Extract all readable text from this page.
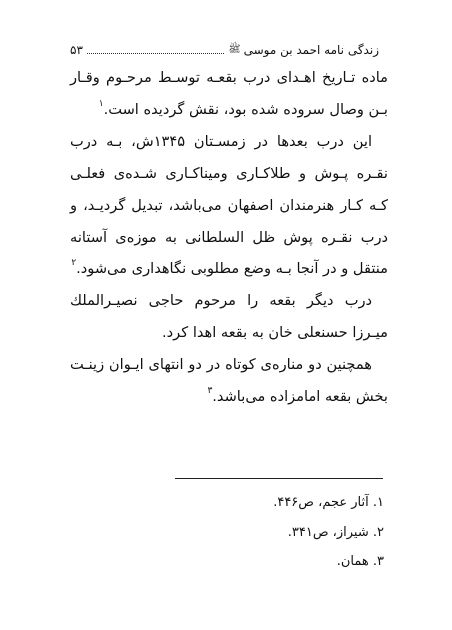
زندگی نامه احمد بن موسی
ﷺ
۵۳

ماده تـاریخ اهـدای درب بقعـه توسـط مرحـوم وقـار بـن وصال سروده شده بود، نقش گردیده است.$^۱$

این درب بعدها در زمسـتان ۱۳۴۵ش، بـه درب نقـره پـوش و طلاکـاری ومیناکـاری شـده‌ی فعلـی کـه کـار هنرمندان اصفهان می‌باشد، تبدیل گردیـد، و درب نقـره پوش ظل السلطانی به موزه‌ی آستانه منتقل و در آنجا بـه وضع مطلوبی نگاهداری می‌شود.$^۲$

درب دیگر بقعه را مرحوم حاجی نصیـرالملك میـرزا حسنعلی خان به بقعه اهدا کرد.

همچنین دو مناره‌ی کوتاه در دو انتهای ایـوان زینـت بخش بقعه امامزاده می‌باشد.$^۳$

۱. آثار عجم، ص۴۴۶.

۲. شیراز، ص۳۴۱.

۳. همان.
